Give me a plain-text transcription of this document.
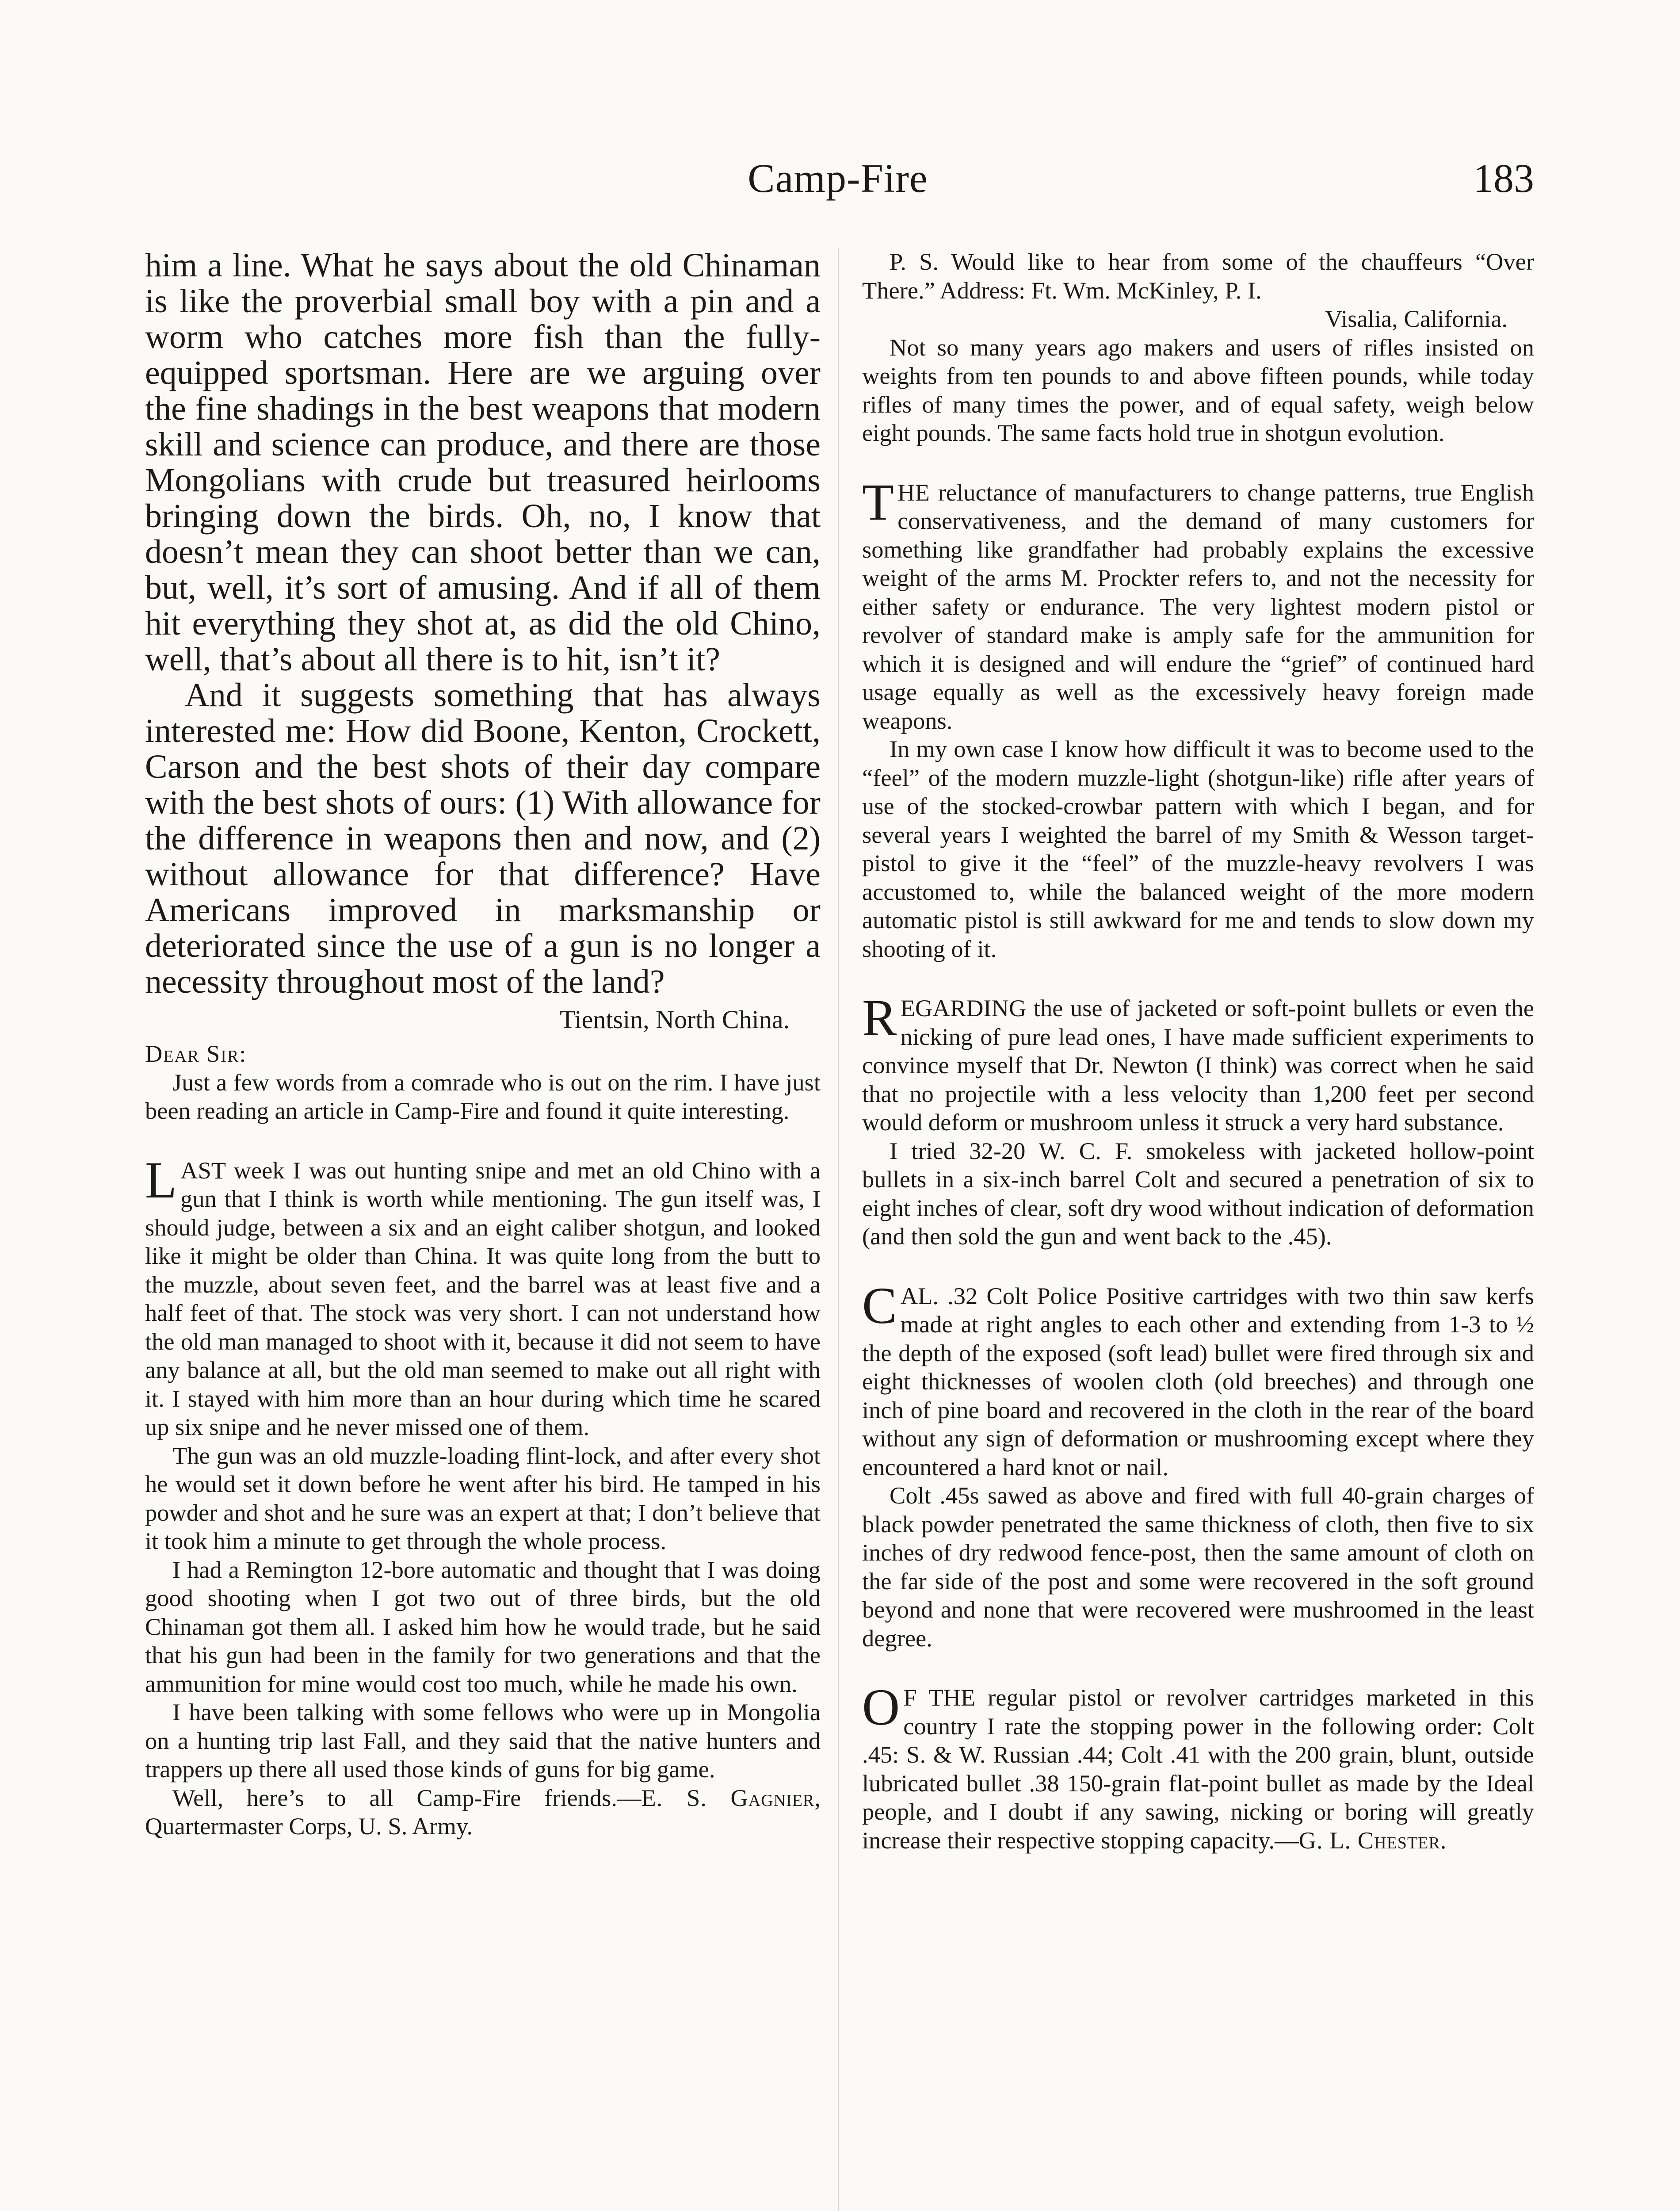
Camp-Fire	183

him a line. What he says about the old Chinaman is like the proverbial small boy with a pin and a worm who catches more fish than the fully-equipped sportsman. Here are we arguing over the fine shadings in the best weapons that modern skill and science can produce, and there are those Mongolians with crude but treasured heirlooms bringing down the birds. Oh, no, I know that doesn’t mean they can shoot better than we can, but, well, it’s sort of amusing. And if all of them hit everything they shot at, as did the old Chino, well, that’s about all there is to hit, isn’t it?

And it suggests something that has always interested me: How did Boone, Kenton, Crockett, Carson and the best shots of their day compare with the best shots of ours: (1) With allowance for the difference in weapons then and now, and (2) without allowance for that difference? Have Americans improved in marksmanship or deteriorated since the use of a gun is no longer a necessity throughout most of the land?

Tientsin, North China.

Dear Sir:

Just a few words from a comrade who is out on the rim. I have just been reading an article in Camp-Fire and found it quite interesting.

LAST week I was out hunting snipe and met an old Chino with a gun that I think is worth while mentioning. The gun itself was, I should judge, between a six and an eight caliber shotgun, and looked like it might be older than China. It was quite long from the butt to the muzzle, about seven feet, and the barrel was at least five and a half feet of that. The stock was very short. I can not understand how the old man managed to shoot with it, because it did not seem to have any balance at all, but the old man seemed to make out all right with it. I stayed with him more than an hour during which time he scared up six snipe and he never missed one of them.

The gun was an old muzzle-loading flint-lock, and after every shot he would set it down before he went after his bird. He tamped in his powder and shot and he sure was an expert at that; I don’t believe that it took him a minute to get through the whole process.

I had a Remington 12-bore automatic and thought that I was doing good shooting when I got two out of three birds, but the old Chinaman got them all. I asked him how he would trade, but he said that his gun had been in the family for two generations and that the ammunition for mine would cost too much, while he made his own.

I have been talking with some fellows who were up in Mongolia on a hunting trip last Fall, and they said that the native hunters and trappers up there all used those kinds of guns for big game.

Well, here’s to all Camp-Fire friends.—E. S. Gagnier, Quartermaster Corps, U. S. Army.

P. S. Would like to hear from some of the chauffeurs “Over There.” Address: Ft. Wm. McKinley, P. I.

Visalia, California.

Not so many years ago makers and users of rifles insisted on weights from ten pounds to and above fifteen pounds, while today rifles of many times the power, and of equal safety, weigh below eight pounds. The same facts hold true in shotgun evolution.

THE reluctance of manufacturers to change patterns, true English conservativeness, and the demand of many customers for something like grandfather had probably explains the excessive weight of the arms M. Prockter refers to, and not the necessity for either safety or endurance. The very lightest modern pistol or revolver of standard make is amply safe for the ammunition for which it is designed and will endure the “grief” of continued hard usage equally as well as the excessively heavy foreign made weapons.

In my own case I know how difficult it was to become used to the “feel” of the modern muzzle-light (shotgun-like) rifle after years of use of the stocked-crowbar pattern with which I began, and for several years I weighted the barrel of my Smith & Wesson target-pistol to give it the “feel” of the muzzle-heavy revolvers I was accustomed to, while the balanced weight of the more modern automatic pistol is still awkward for me and tends to slow down my shooting of it.

REGARDING the use of jacketed or soft-point bullets or even the nicking of pure lead ones, I have made sufficient experiments to convince myself that Dr. Newton (I think) was correct when he said that no projectile with a less velocity than 1,200 feet per second would deform or mushroom unless it struck a very hard substance.

I tried 32-20 W. C. F. smokeless with jacketed hollow-point bullets in a six-inch barrel Colt and secured a penetration of six to eight inches of clear, soft dry wood without indication of deformation (and then sold the gun and went back to the .45).

CAL. .32 Colt Police Positive cartridges with two thin saw kerfs made at right angles to each other and extending from 1-3 to ½ the depth of the exposed (soft lead) bullet were fired through six and eight thicknesses of woolen cloth (old breeches) and through one inch of pine board and recovered in the cloth in the rear of the board without any sign of deformation or mushrooming except where they encountered a hard knot or nail.

Colt .45s sawed as above and fired with full 40-grain charges of black powder penetrated the same thickness of cloth, then five to six inches of dry redwood fence-post, then the same amount of cloth on the far side of the post and some were recovered in the soft ground beyond and none that were recovered were mushroomed in the least degree.

O F THE regular pistol or revolver cartridges marketed in this country I rate the stopping power in the following order: Colt .45: S. & W. Russian .44; Colt .41 with the 200 grain, blunt, outside lubricated bullet .38 150-grain flat-point bullet as made by the Ideal people, and I doubt if any sawing, nicking or boring will greatly increase their respective stopping capacity.—G. L. Chester.
